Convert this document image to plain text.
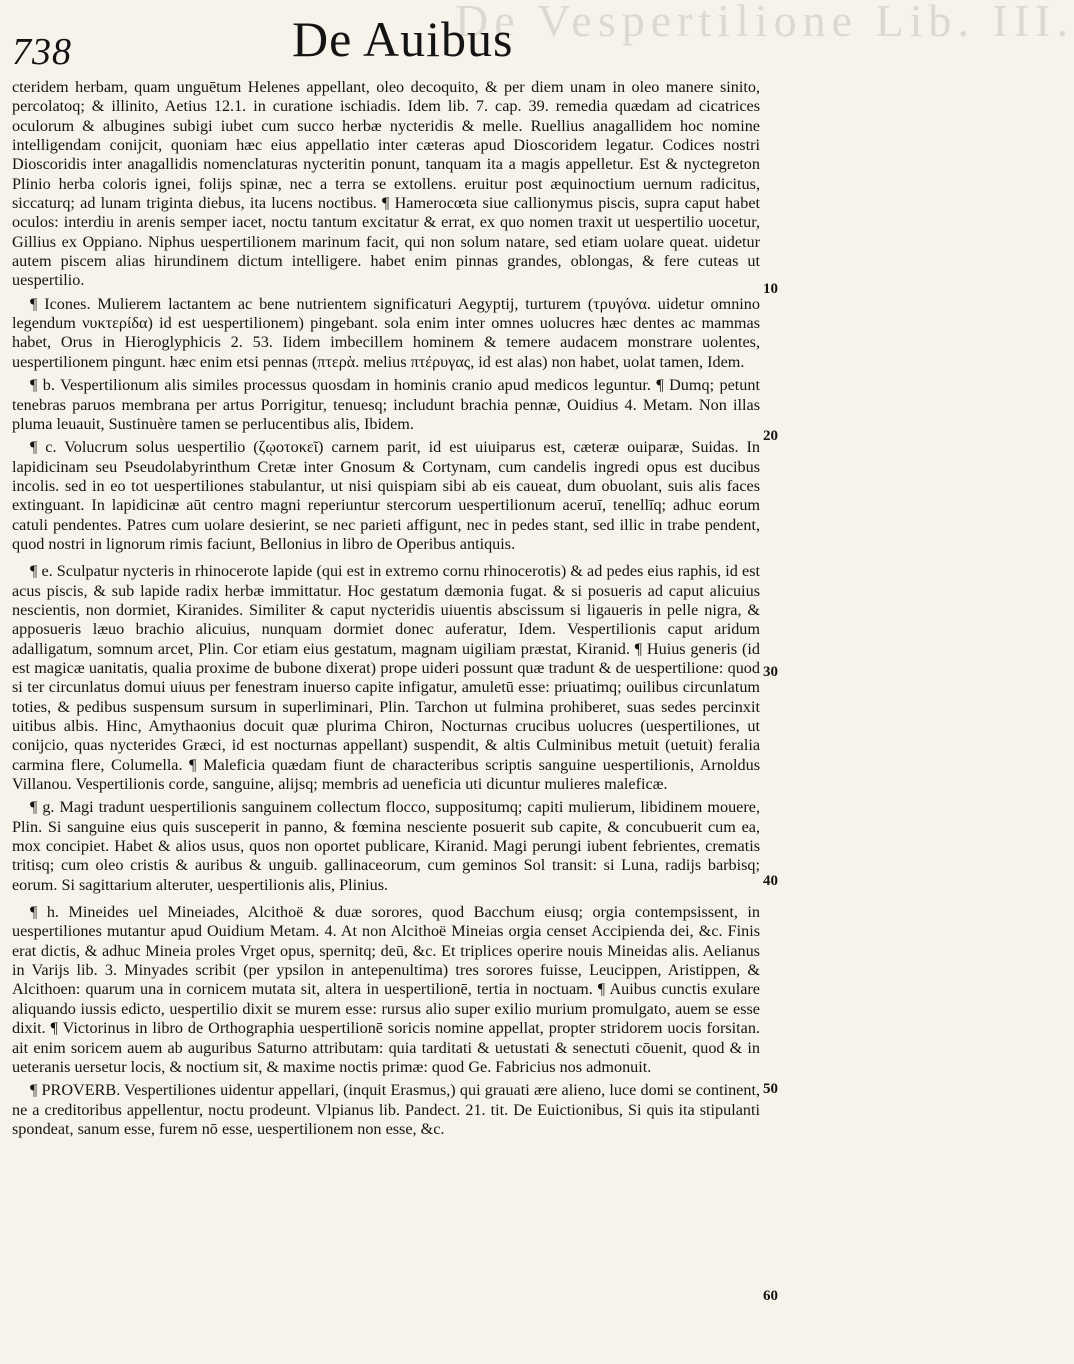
De Vespertilione Lib. III.
738	De Auibus

cteridem herbam, quam unguētum Helenes appellant, oleo decoquito, & per diem unam in oleo manere sinito, percolatoq; & illinito, Aetius 12.1. in curatione ischiadis. Idem lib. 7. cap. 39. remedia quædam ad cicatrices oculorum & albugines subigi iubet cum succo herbæ nycteridis & melle. Ruellius anagallidem hoc nomine intelligendam conijcit, quoniam hæc eius appellatio inter cæteras apud Dioscoridem legatur. Codices nostri Dioscoridis inter anagallidis nomenclaturas nycteritin ponunt, tanquam ita a magis appelletur. Est & nyctegreton Plinio herba coloris ignei, folijs spinæ, nec a terra se extollens. eruitur post æquinoctium uernum radicitus, siccaturq; ad lunam triginta diebus, ita lucens noctibus. ¶ Hamerocœta siue callionymus piscis, supra caput habet oculos: interdiu in arenis semper iacet, noctu tantum excitatur & errat, ex quo nomen traxit ut uespertilio uocetur, Gillius ex Oppiano. Niphus uespertilionem marinum facit, qui non solum natare, sed etiam uolare queat. uidetur autem piscem alias hirundinem dictum intelligere. habet enim pinnas grandes, oblongas, & fere cuteas ut uespertilio.

¶ Icones. Mulierem lactantem ac bene nutrientem significaturi Aegyptij, turturem (τρυγόνα. uidetur omnino legendum νυκτερίδα) id est uespertilionem) pingebant. sola enim inter omnes uolucres hæc dentes ac mammas habet, Orus in Hieroglyphicis 2. 53. Iidem imbecillem hominem & temere audacem monstrare uolentes, uespertilionem pingunt. hæc enim etsi pennas (πτερὰ. melius πτέρυγας, id est alas) non habet, uolat tamen, Idem.

¶ b. Vespertilionum alis similes processus quosdam in hominis cranio apud medicos leguntur. ¶ Dumq; petunt tenebras paruos membrana per artus Porrigitur, tenuesq; includunt brachia pennæ, Ouidius 4. Metam. Non illas pluma leuauit, Sustinuère tamen se perlucentibus alis, Ibidem.

¶ c. Volucrum solus uespertilio (ζῳοτοκεῖ) carnem parit, id est uiuiparus est, cæteræ ouiparæ, Suidas. In lapidicinam seu Pseudolabyrinthum Cretæ inter Gnosum & Cortynam, cum candelis ingredi opus est ducibus incolis. sed in eo tot uespertiliones stabulantur, ut nisi quispiam sibi ab eis caueat, dum obuolant, suis alis faces extinguant. In lapidicinæ aūt centro magni reperiuntur stercorum uespertilionum aceruī, tenellīq; adhuc eorum catuli pendentes. Patres cum uolare desierint, se nec parieti affigunt, nec in pedes stant, sed illic in trabe pendent, quod nostri in lignorum rimis faciunt, Bellonius in libro de Operibus antiquis.

¶ e. Sculpatur nycteris in rhinocerote lapide (qui est in extremo cornu rhinocerotis) & ad pedes eius raphis, id est acus piscis, & sub lapide radix herbæ immittatur. Hoc gestatum dæmonia fugat. & si posueris ad caput alicuius nescientis, non dormiet, Kiranides. Similiter & caput nycteridis uiuentis abscissum si ligaueris in pelle nigra, & apposueris læuo brachio alicuius, nunquam dormiet donec auferatur, Idem. Vespertilionis caput aridum adalligatum, somnum arcet, Plin. Cor etiam eius gestatum, magnam uigiliam præstat, Kiranid. ¶ Huius generis (id est magicæ uanitatis, qualia proxime de bubone dixerat) prope uideri possunt quæ tradunt & de uespertilione: quod si ter circunlatus domui uiuus per fenestram inuerso capite infigatur, amuletū esse: priuatimq; ouilibus circunlatum toties, & pedibus suspensum sursum in superliminari, Plin. Tarchon ut fulmina prohiberet, suas sedes percinxit uitibus albis. Hinc, Amythaonius docuit quæ plurima Chiron, Nocturnas crucibus uolucres (uespertiliones, ut conijcio, quas nycterides Græci, id est nocturnas appellant) suspendit, & altis Culminibus metuit (uetuit) feralia carmina flere, Columella. ¶ Maleficia quædam fiunt de characteribus scriptis sanguine uespertilionis, Arnoldus Villanou. Vespertilionis corde, sanguine, alijsq; membris ad ueneficia uti dicuntur mulieres maleficæ.

¶ g. Magi tradunt uespertilionis sanguinem collectum flocco, suppositumq; capiti mulierum, libidinem mouere, Plin. Si sanguine eius quis susceperit in panno, & fœmina nesciente posuerit sub capite, & concubuerit cum ea, mox concipiet. Habet & alios usus, quos non oportet publicare, Kiranid. Magi perungi iubent febrientes, crematis tritisq; cum oleo cristis & auribus & unguib. gallinaceorum, cum geminos Sol transit: si Luna, radijs barbisq; eorum. Si sagittarium alteruter, uespertilionis alis, Plinius.

¶ h. Mineides uel Mineiades, Alcithoë & duæ sorores, quod Bacchum eiusq; orgia contempsissent, in uespertiliones mutantur apud Ouidium Metam. 4. At non Alcithoë Mineias orgia censet Accipienda dei, &c. Finis erat dictis, & adhuc Mineia proles Vrget opus, spernitq; deū, &c. Et triplices operire nouis Mineidas alis. Aelianus in Varijs lib. 3. Minyades scribit (per ypsilon in antepenultima) tres sorores fuisse, Leucippen, Aristippen, & Alcithoen: quarum una in cornicem mutata sit, altera in uespertilionē, tertia in noctuam. ¶ Auibus cunctis exulare aliquando iussis edicto, uespertilio dixit se murem esse: rursus alio super exilio murium promulgato, auem se esse dixit. ¶ Victorinus in libro de Orthographia uespertilionē soricis nomine appellat, propter stridorem uocis forsitan. ait enim soricem auem ab auguribus Saturno attributam: quia tarditati & uetustati & senectuti cōuenit, quod & in ueteranis uersetur locis, & noctium sit, & maxime noctis primæ: quod Ge. Fabricius nos admonuit.

¶ PROVERB. Vespertiliones uidentur appellari, (inquit Erasmus,) qui grauati ære alieno, luce domi se continent, ne a creditoribus appellentur, noctu prodeunt. Vlpianus lib. Pandect. 21. tit. De Euictionibus, Si quis ita stipulanti spondeat, sanum esse, furem nō esse, uespertilionem non esse, &c.

10
20
30
40
50
60
